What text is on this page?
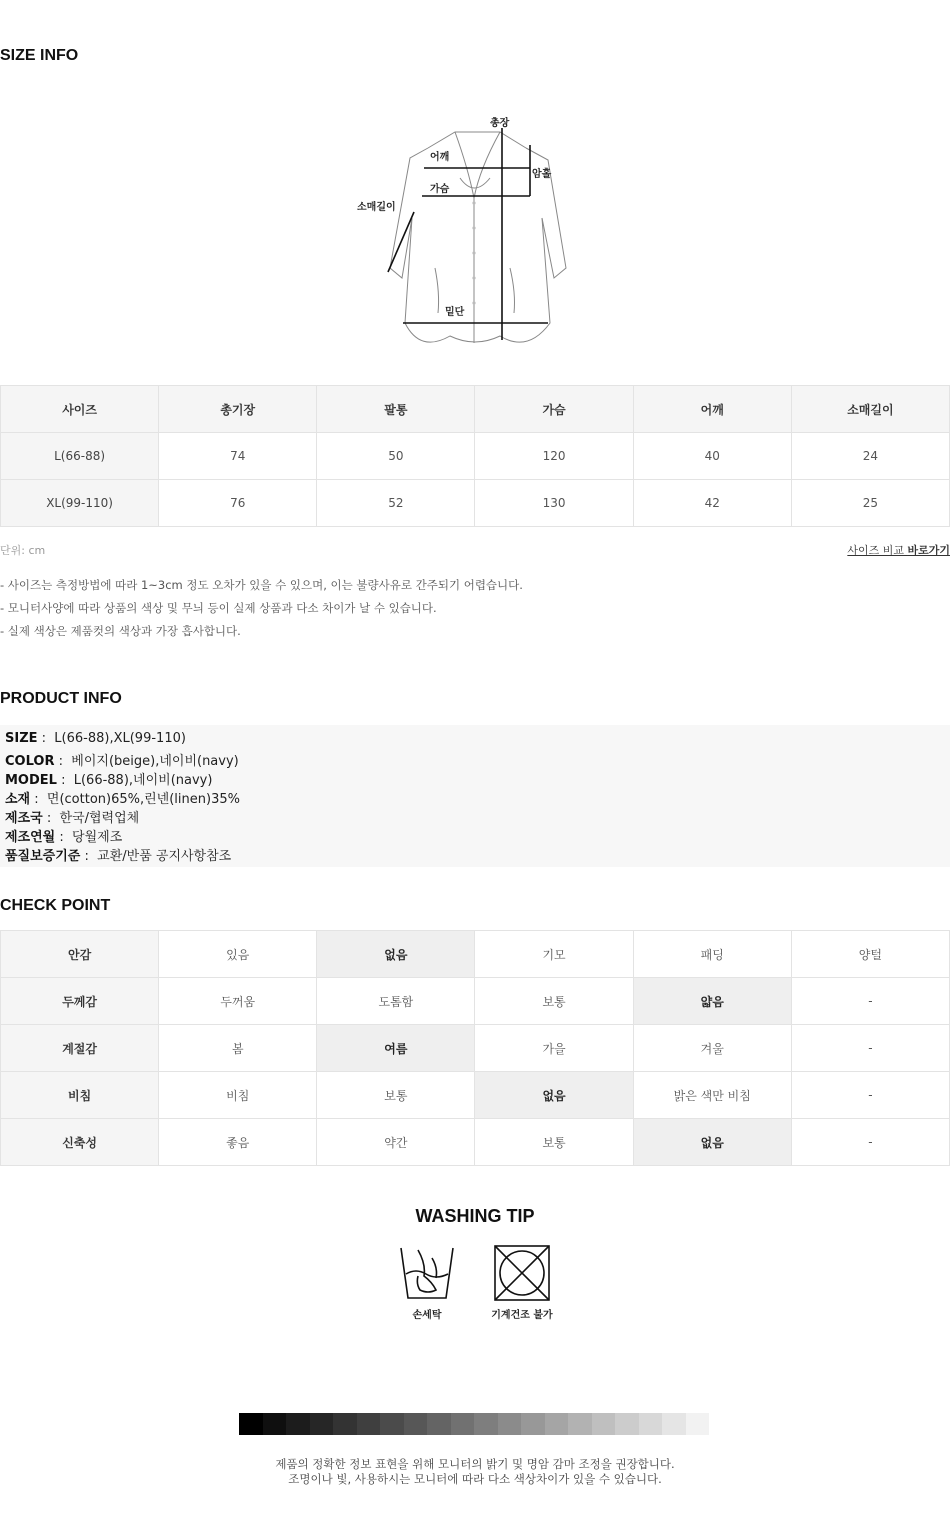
SIZE INFO
총장
어깨
가슴
암홀
소매길이
밑단
사이즈	총기장	팔통	가슴	어깨	소매길이
L(66-88)	74	50	120	40	24
XL(99-110)	76	52	130	42	25
단위: cm	사이즈 비교 바로가기
- 사이즈는 측정방법에 따라 1~3cm 정도 오차가 있을 수 있으며, 이는 불량사유로 간주되기 어렵습니다.
- 모니터사양에 따라 상품의 색상 및 무늬 등이 실제 상품과 다소 차이가 날 수 있습니다.
- 실제 색상은 제품컷의 색상과 가장 흡사합니다.
PRODUCT INFO
SIZE :  L(66-88),XL(99-110)
COLOR :  베이지(beige),네이비(navy)
MODEL :  L(66-88),네이비(navy)
소재 :  면(cotton)65%,린넨(linen)35%
제조국 :  한국/협력업체
제조연월 :  당월제조
품질보증기준 :  교환/반품 공지사항참조
CHECK POINT
안감	있음	없음	기모	패딩	양털
두께감	두꺼움	도톰함	보통	얇음	-
계절감	봄	여름	가을	겨울	-
비침	비침	보통	없음	밝은 색만 비침	-
신축성	좋음	약간	보통	없음	-
WASHING TIP
손세탁	기계건조 불가
제품의 정확한 정보 표현을 위해 모니터의 밝기 및 명암 감마 조정을 권장합니다.
조명이나 빛, 사용하시는 모니터에 따라 다소 색상차이가 있을 수 있습니다.
